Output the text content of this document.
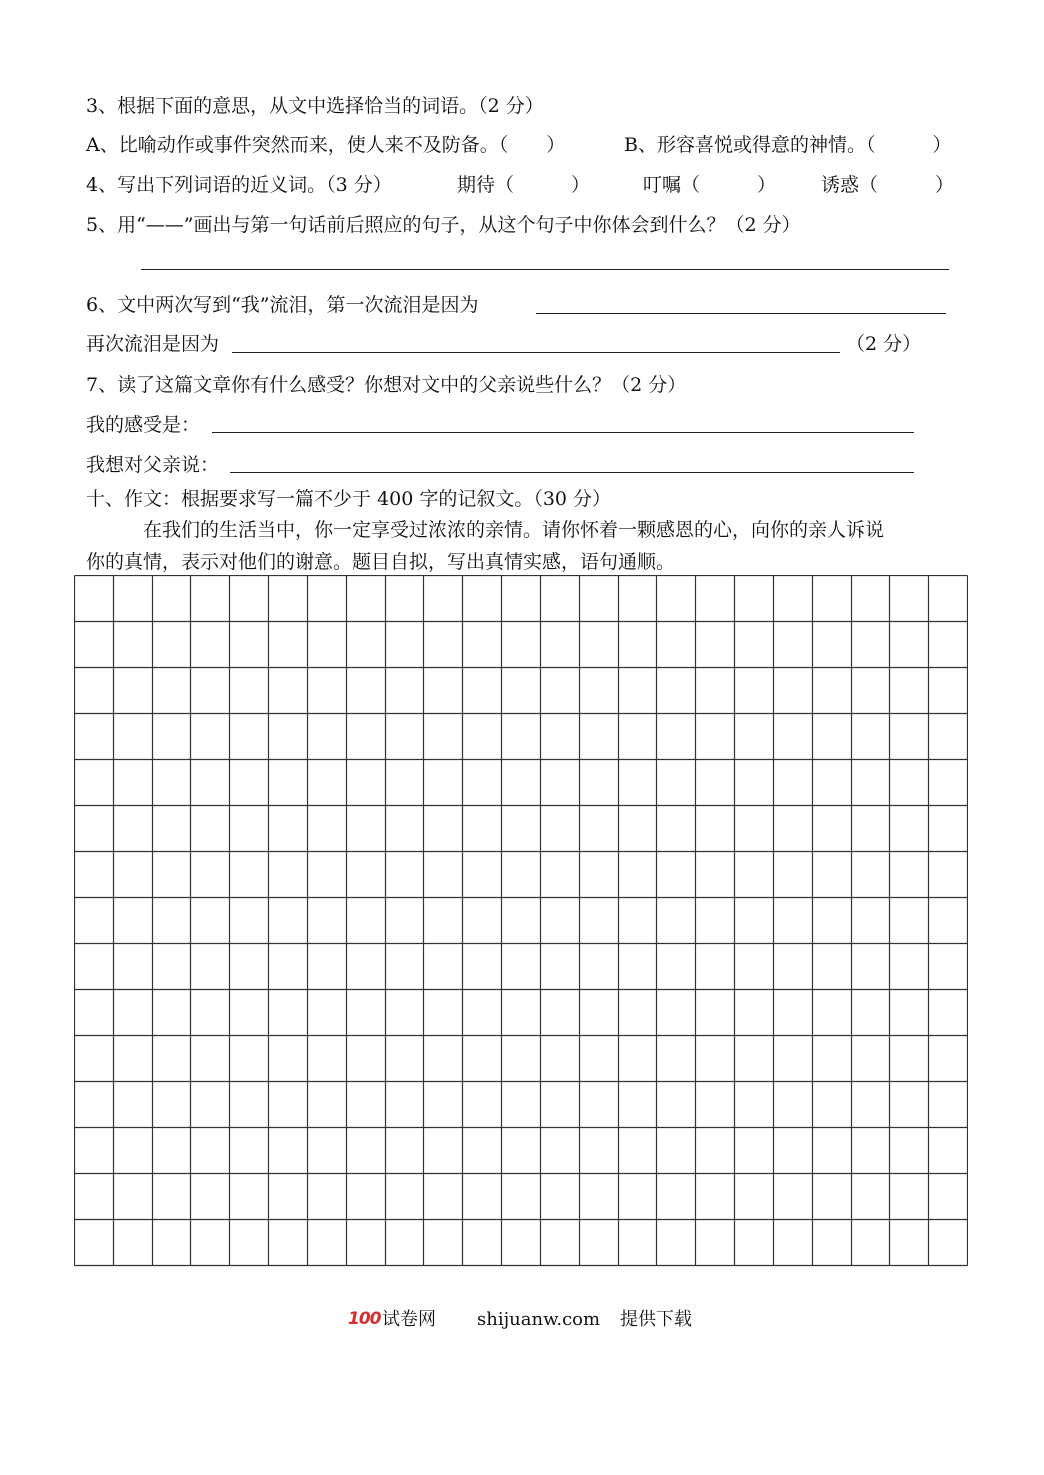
3、根据下面的意思，从文中选择恰当的词语。（2 分）
A、比喻动作或事件突然而来，使人来不及防备。（　　）	B、形容喜悦或得意的神情。（　　　）
4、写出下列词语的近义词。（3 分）	期待（　　　）	叮嘱（　　　） 诱惑（　　　）
5、用“——”画出与第一句话前后照应的句子，从这个句子中你体会到什么？（2 分）
6、文中两次写到“我”流泪，第一次流泪是因为
再次流泪是因为	（2 分）
7、读了这篇文章你有什么感受？你想对文中的父亲说些什么？（2 分）
我的感受是：
我想对父亲说：
十、作文：根据要求写一篇不少于 400 字的记叙文。（30 分）
在我们的生活当中，你一定享受过浓浓的亲情。请你怀着一颗感恩的心，向你的亲人诉说
你的真情，表示对他们的谢意。题目自拟，写出真情实感，语句通顺。
100 试卷网 shijuanw.com 提供下载
